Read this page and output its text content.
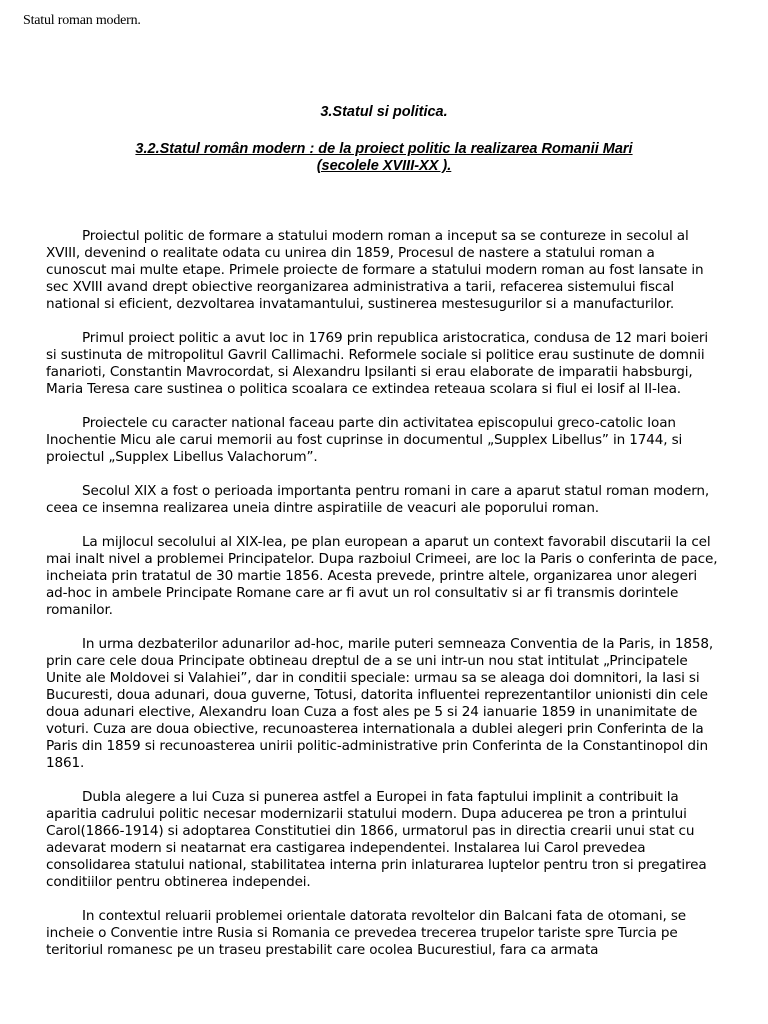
Statul roman modern.
3.Statul si politica.
3.2.Statul român modern : de la proiect politic la realizarea Romanii Mari
(secolele XVIII-XX ).

Proiectul politic de formare a statului modern roman a inceput sa se contureze in secolul al XVIII, devenind o realitate odata cu unirea din 1859, Procesul de nastere a statului roman a cunoscut mai multe etape. Primele proiecte de formare a statului modern roman au fost lansate in sec XVIII avand drept obiective reorganizarea administrativa a tarii, refacerea sistemului fiscal national si eficient, dezvoltarea invatamantului, sustinerea mestesugurilor si a manufacturilor.

Primul proiect politic a avut loc in 1769 prin republica aristocratica, condusa de 12 mari boieri si sustinuta de mitropolitul Gavril Callimachi. Reformele sociale si politice erau sustinute de domnii fanarioti, Constantin Mavrocordat, si Alexandru Ipsilanti si erau elaborate de imparatii habsburgi, Maria Teresa care sustinea o politica scoalara ce extindea reteaua scolara si fiul ei Iosif al II-lea.

Proiectele cu caracter national faceau parte din activitatea episcopului greco-catolic Ioan Inochentie Micu ale carui memorii au fost cuprinse in documentul „Supplex Libellus” in 1744, si proiectul „Supplex Libellus Valachorum”.

Secolul XIX a fost o perioada importanta pentru romani in care a aparut statul roman modern, ceea ce insemna realizarea uneia dintre aspiratiile de veacuri ale poporului roman.

La mijlocul secolului al XIX-lea, pe plan european a aparut un context favorabil discutarii la cel mai inalt nivel a problemei Principatelor. Dupa razboiul Crimeei, are loc la Paris o conferinta de pace, incheiata prin tratatul de 30 martie 1856. Acesta prevede, printre altele, organizarea unor alegeri ad-hoc in ambele Principate Romane care ar fi avut un rol consultativ si ar fi transmis dorintele romanilor.

In urma dezbaterilor adunarilor ad-hoc, marile puteri semneaza Conventia de la Paris, in 1858, prin care cele doua Principate obtineau dreptul de a se uni intr-un nou stat intitulat „Principatele Unite ale Moldovei si Valahiei”, dar in conditii speciale: urmau sa se aleaga doi domnitori, la Iasi si Bucuresti, doua adunari, doua guverne, Totusi, datorita influentei reprezentantilor unionisti din cele doua adunari elective, Alexandru Ioan Cuza a fost ales pe 5 si 24 ianuarie 1859 in unanimitate de voturi. Cuza are doua obiective, recunoasterea internationala a dublei alegeri prin Conferinta de la Paris din 1859 si recunoasterea unirii politic-administrative prin Conferinta de la Constantinopol din 1861.

Dubla alegere a lui Cuza si punerea astfel a Europei in fata faptului implinit a contribuit la aparitia cadrului politic necesar modernizarii statului modern. Dupa aducerea pe tron a printului Carol(1866-1914) si adoptarea Constitutiei din 1866, urmatorul pas in directia crearii unui stat cu adevarat modern si neatarnat era castigarea independentei. Instalarea lui Carol prevedea consolidarea statului national, stabilitatea interna prin inlaturarea luptelor pentru tron si pregatirea conditiilor pentru obtinerea independei.

In contextul reluarii problemei orientale datorata revoltelor din Balcani fata de otomani, se incheie o Conventie intre Rusia si Romania ce prevedea trecerea trupelor tariste spre Turcia pe teritoriul romanesc pe un traseu prestabilit care ocolea Bucurestiul, fara ca armata
